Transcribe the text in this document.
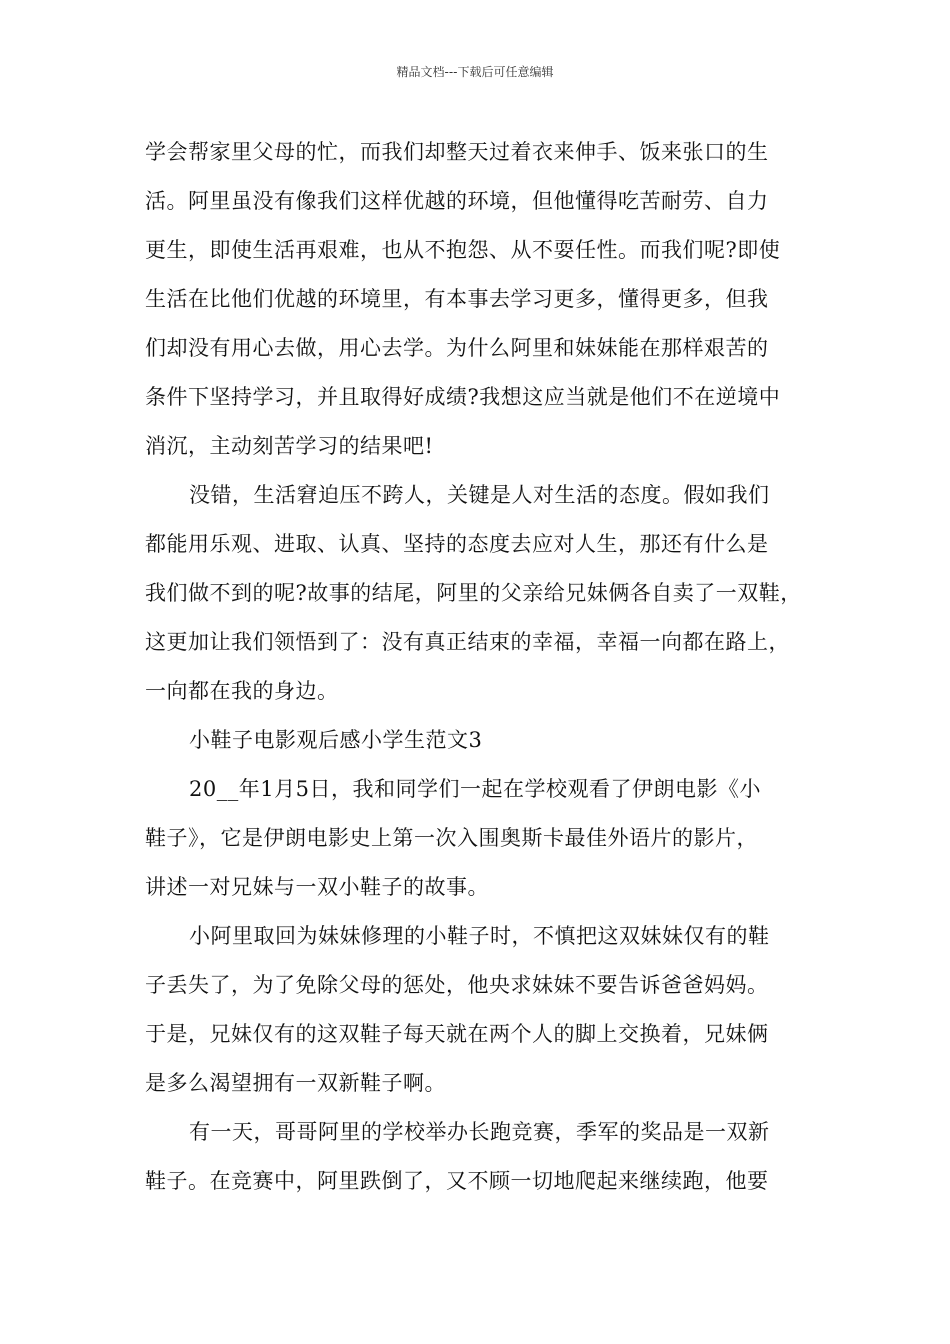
精品文档---下载后可任意编辑
学会帮家里父母的忙，而我们却整天过着衣来伸手、饭来张口的生
活。阿里虽没有像我们这样优越的环境，但他懂得吃苦耐劳、自力
更生，即使生活再艰难，也从不抱怨、从不耍任性。而我们呢?即使
生活在比他们优越的环境里，有本事去学习更多，懂得更多，但我
们却没有用心去做，用心去学。为什么阿里和妹妹能在那样艰苦的
条件下坚持学习，并且取得好成绩?我想这应当就是他们不在逆境中
消沉，主动刻苦学习的结果吧!
没错，生活窘迫压不跨人，关键是人对生活的态度。假如我们
都能用乐观、进取、认真、坚持的态度去应对人生，那还有什么是
我们做不到的呢?故事的结尾，阿里的父亲给兄妹俩各自卖了一双鞋，
这更加让我们领悟到了：没有真正结束的幸福，幸福一向都在路上，
一向都在我的身边。
小鞋子电影观后感小学生范文3
20__年1月5日，我和同学们一起在学校观看了伊朗电影《小
鞋子》，它是伊朗电影史上第一次入围奥斯卡最佳外语片的影片，
讲述一对兄妹与一双小鞋子的故事。
小阿里取回为妹妹修理的小鞋子时，不慎把这双妹妹仅有的鞋
子丢失了，为了免除父母的惩处，他央求妹妹不要告诉爸爸妈妈。
于是，兄妹仅有的这双鞋子每天就在两个人的脚上交换着，兄妹俩
是多么渴望拥有一双新鞋子啊。
有一天，哥哥阿里的学校举办长跑竞赛，季军的奖品是一双新
鞋子。在竞赛中，阿里跌倒了，又不顾一切地爬起来继续跑，他要
